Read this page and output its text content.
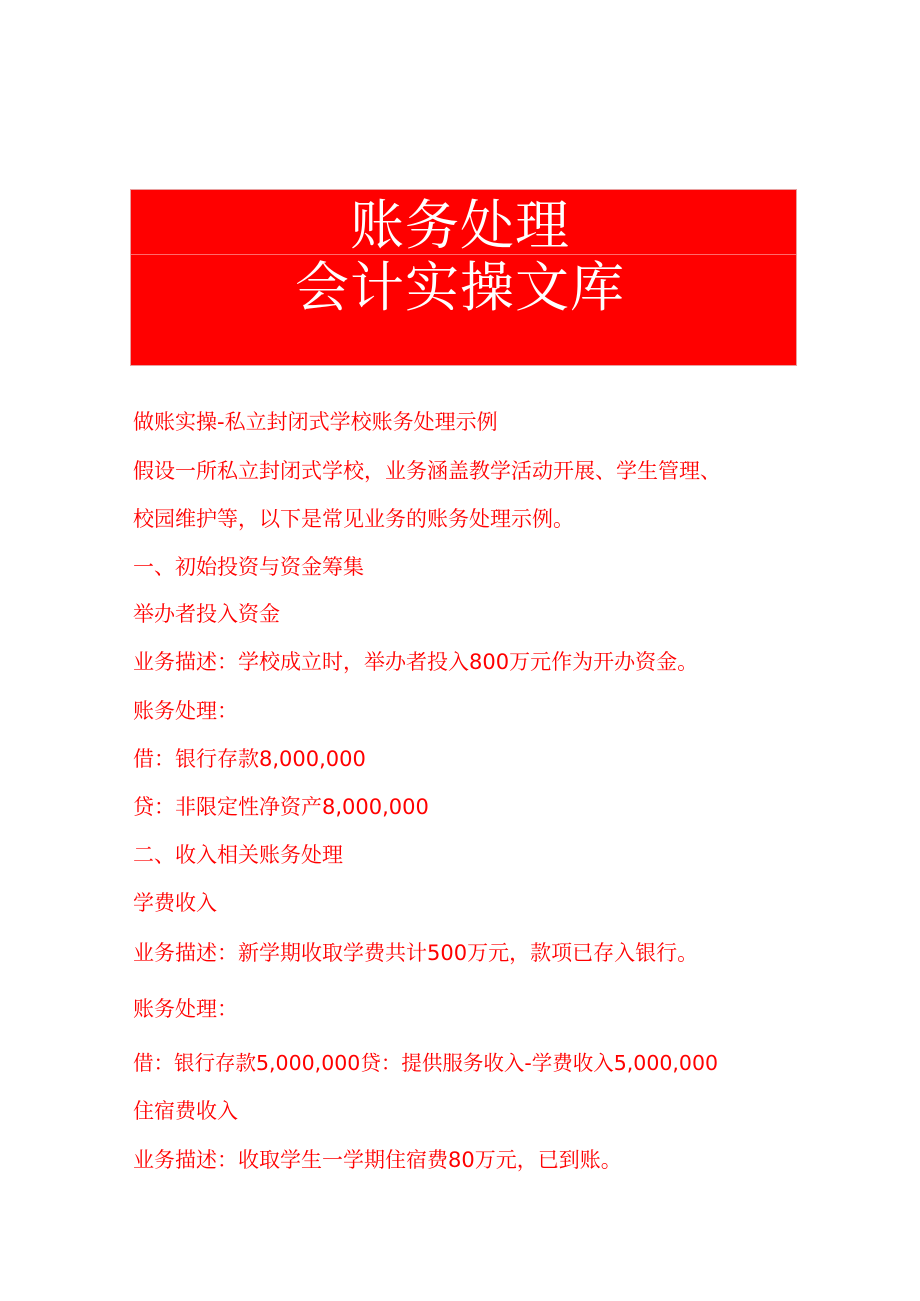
账务处理
会计实操文库
做账实操-私立封闭式学校账务处理示例
假设一所私立封闭式学校，业务涵盖教学活动开展、学生管理、
校园维护等，以下是常见业务的账务处理示例。
一、初始投资与资金筹集
举办者投入资金
业务描述：学校成立时，举办者投入800万元作为开办资金。
账务处理：
借：银行存款8,000,000
贷：非限定性净资产8,000,000
二、收入相关账务处理
学费收入
业务描述：新学期收取学费共计500万元，款项已存入银行。
账务处理：
借：银行存款5,000,000贷：提供服务收入-学费收入5,000,000
住宿费收入
业务描述：收取学生一学期住宿费80万元，已到账。
